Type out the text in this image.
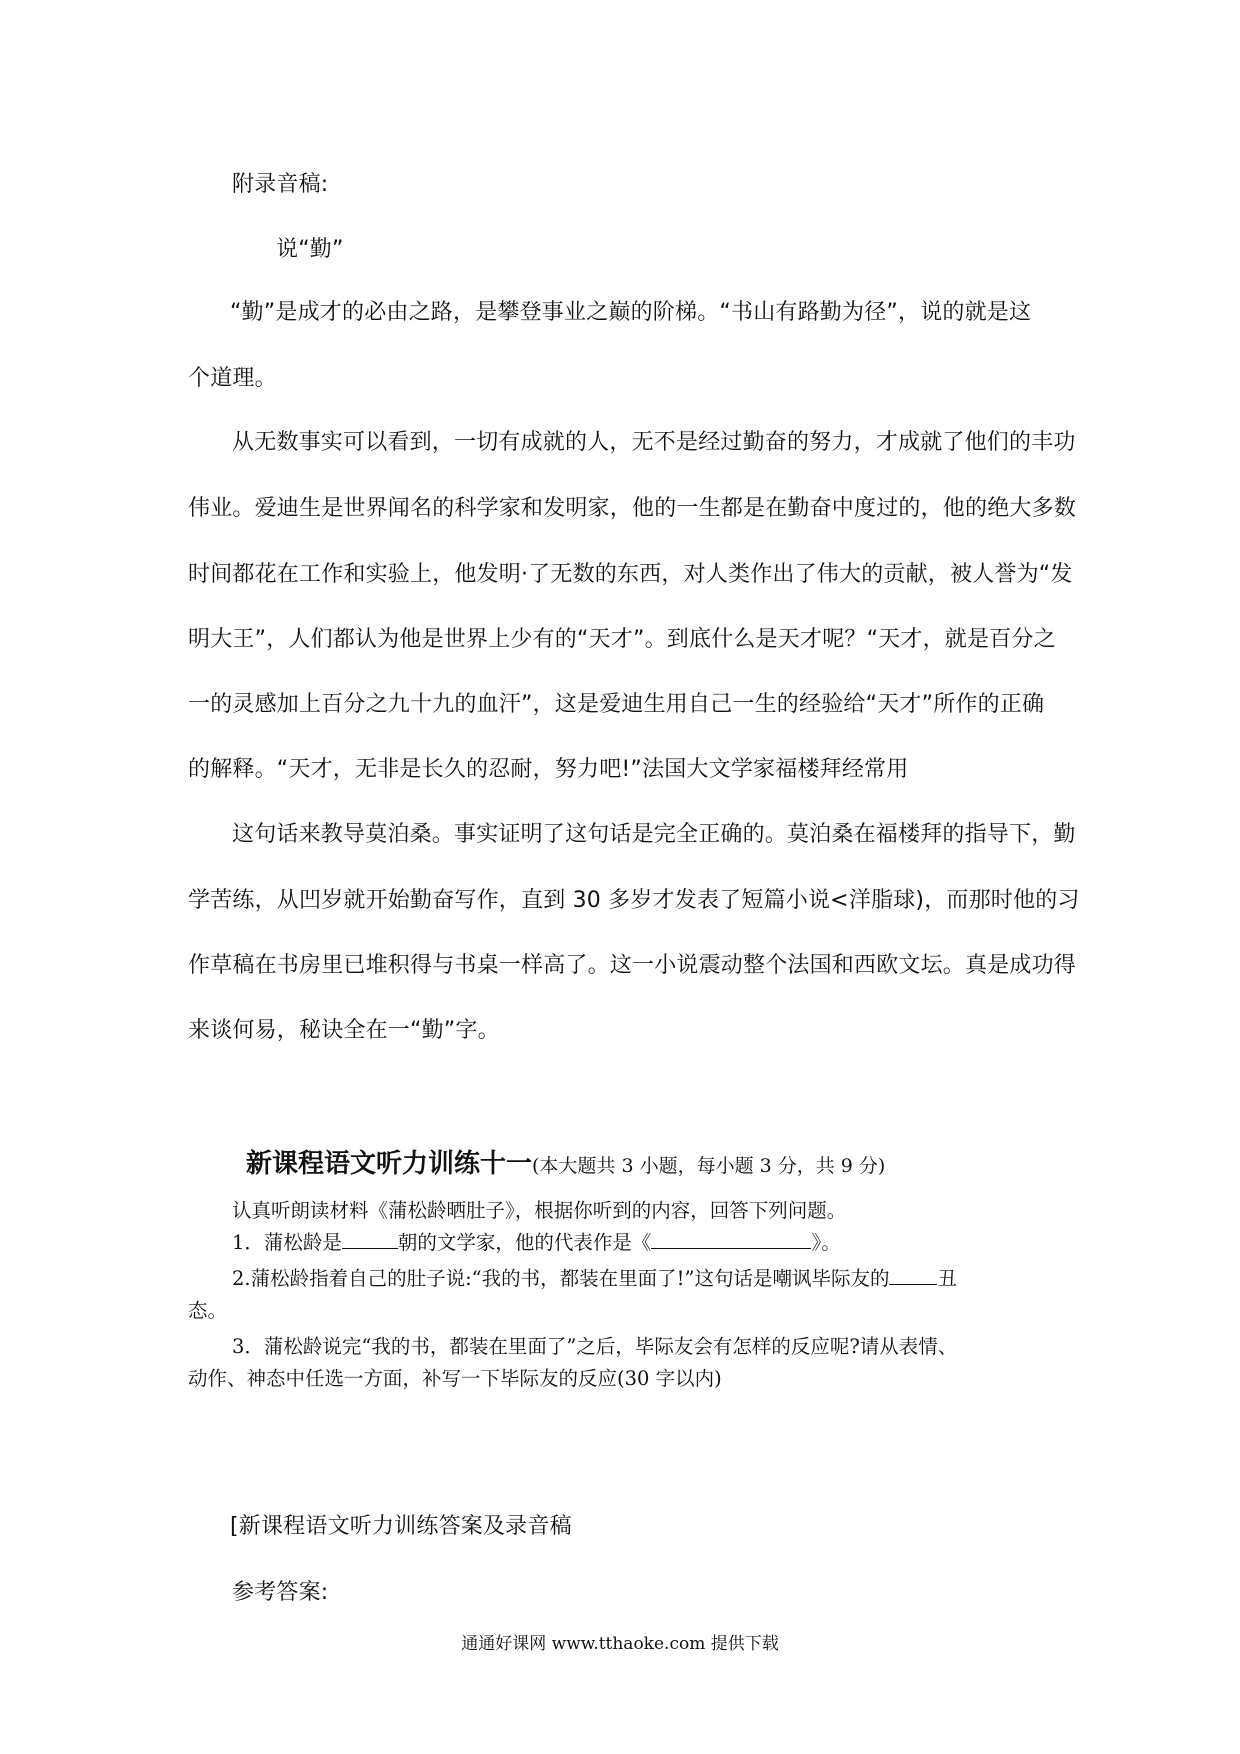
附录音稿:
说“勤”
“勤”是成才的必由之路，是攀登事业之巅的阶梯。“书山有路勤为径”，说的就是这
个道理。
从无数事实可以看到，一切有成就的人，无不是经过勤奋的努力，才成就了他们的丰功
伟业。爱迪生是世界闻名的科学家和发明家，他的一生都是在勤奋中度过的，他的绝大多数
时间都花在工作和实验上，他发明·了无数的东西，对人类作出了伟大的贡献，被人誉为“发
明大王”，人们都认为他是世界上少有的“天才”。到底什么是天才呢？“天才，就是百分之
一的灵感加上百分之九十九的血汗”，这是爱迪生用自己一生的经验给“天才”所作的正确
的解释。“天才，无非是长久的忍耐，努力吧!”法国大文学家福楼拜经常用
这句话来教导莫泊桑。事实证明了这句话是完全正确的。莫泊桑在福楼拜的指导下，勤
学苦练，从凹岁就开始勤奋写作，直到 30 多岁才发表了短篇小说<洋脂球)，而那时他的习
作草稿在书房里已堆积得与书桌一样高了。这一小说震动整个法国和西欧文坛。真是成功得
来谈何易，秘诀全在一“勤”字。
新课程语文听力训练十一(本大题共 3 小题，每小题 3 分，共 9 分)
认真听朗读材料《蒲松龄晒肚子》，根据你听到的内容，回答下列问题。
1．蒲松龄是	朝的文学家，他的代表作是《	》。
2.蒲松龄指着自己的肚子说:“我的书，都装在里面了!”这句话是嘲讽毕际友的 丑
态。
3．蒲松龄说完“我的书，都装在里面了”之后，毕际友会有怎样的反应呢?请从表情、
动作、神态中任选一方面，补写一下毕际友的反应(30 字以内)
[新课程语文听力训练答案及录音稿
参考答案:
通通好课网 www.tthaoke.com 提供下载
